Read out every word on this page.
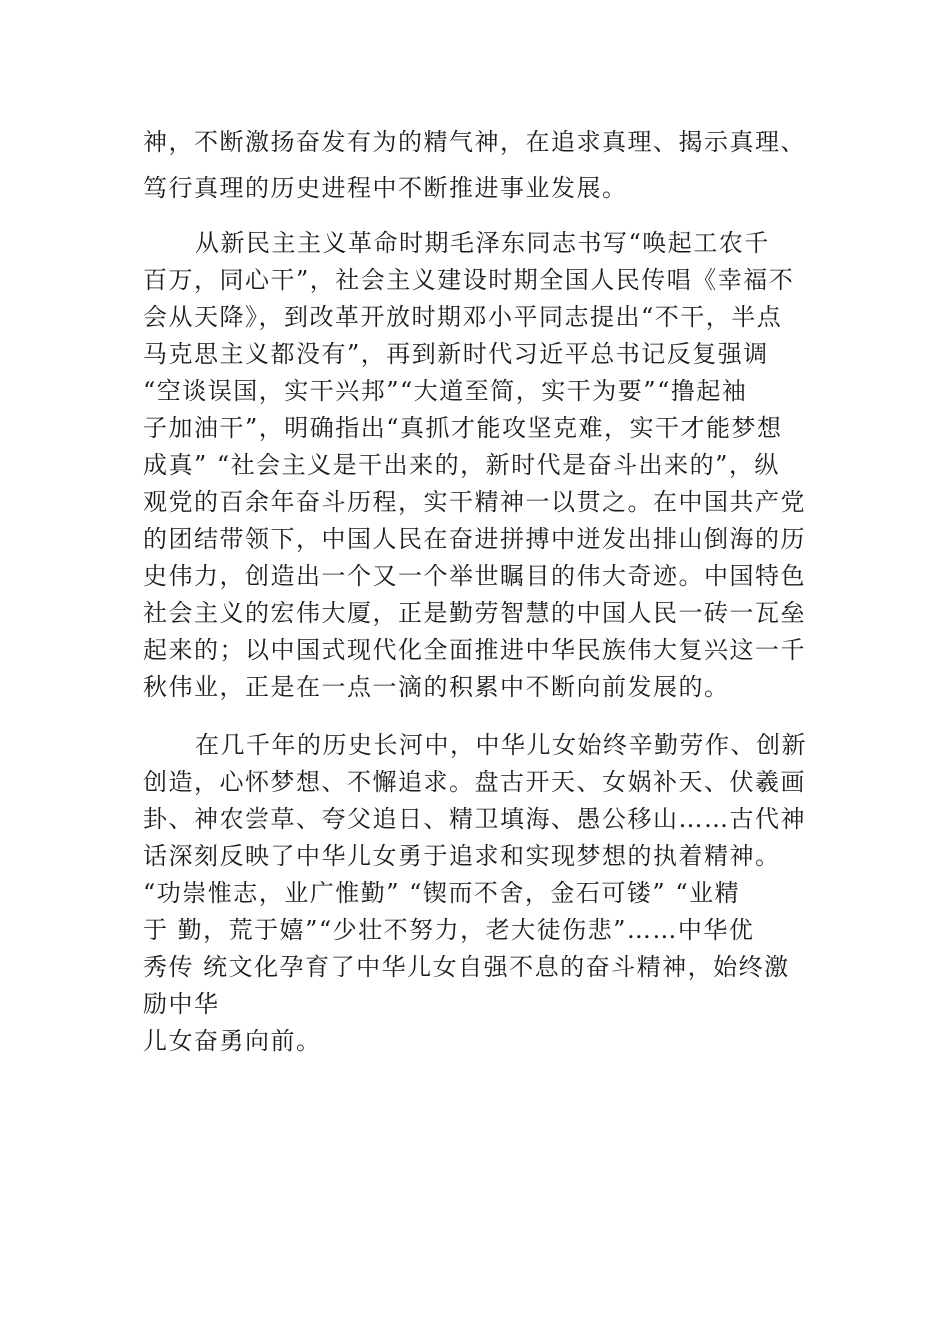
神，不断激扬奋发有为的精气神，在追求真理、揭示真理、
笃行真理的历史进程中不断推进事业发展。
从新民主主义革命时期毛泽东同志书写“唤起工农千
百万，同心干”，社会主义建设时期全国人民传唱《幸福不
会从天降》，到改革开放时期邓小平同志提出“不干，半点
马克思主义都没有”，再到新时代习近平总书记反复强调
“空谈误国，实干兴邦”“大道至简，实干为要”“撸起袖
子加油干”，明确指出“真抓才能攻坚克难，实干才能梦想
成真” “社会主义是干出来的，新时代是奋斗出来的”，纵
观党的百余年奋斗历程，实干精神一以贯之。在中国共产党
的团结带领下，中国人民在奋进拼搏中迸发出排山倒海的历
史伟力，创造出一个又一个举世瞩目的伟大奇迹。中国特色
社会主义的宏伟大厦，正是勤劳智慧的中国人民一砖一瓦垒
起来的；以中国式现代化全面推进中华民族伟大复兴这一千
秋伟业，正是在一点一滴的积累中不断向前发展的。
在几千年的历史长河中，中华儿女始终辛勤劳作、创新
创造，心怀梦想、不懈追求。盘古开天、女娲补天、伏羲画
卦、神农尝草、夸父追日、精卫填海、愚公移山……古代神
话深刻反映了中华儿女勇于追求和实现梦想的执着精神。
“功崇惟志，业广惟勤” “锲而不舍，金石可镂” “业精
于 勤，荒于嬉”“少壮不努力，老大徒伤悲”……中华优
秀传 统文化孕育了中华儿女自强不息的奋斗精神，始终激
励中华
儿女奋勇向前。
